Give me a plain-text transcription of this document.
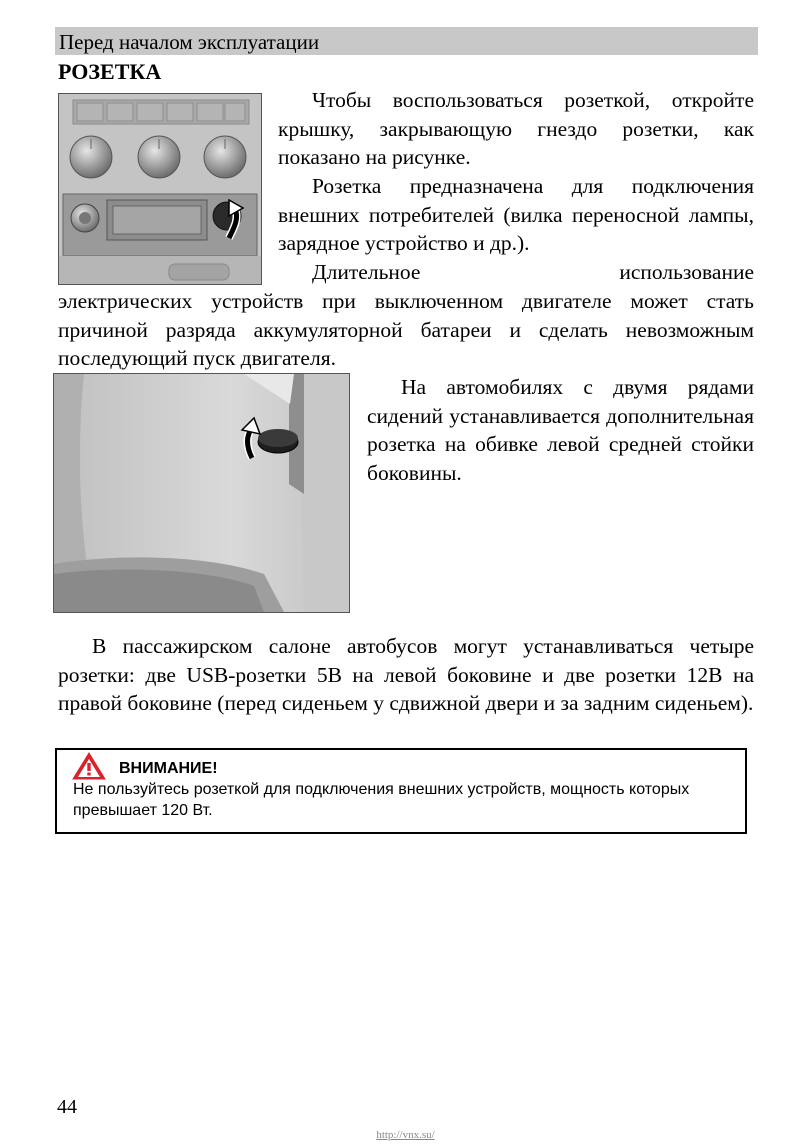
Перед началом эксплуатации
РОЗЕТКА

Чтобы воспользоваться розеткой, откройте крышку, закрывающую гнездо розетки, как показано на рисунке.

Розетка предназначена для подключения внешних потребителей (вилка переносной лампы, зарядное устройство и др.).

Длительное использование

электрических устройств при выключенном двигателе может стать причиной разряда аккумуляторной батареи и сделать невозможным последующий пуск двигателя.

На автомобилях с двумя рядами сидений устанавливается дополнительная розетка на обивке левой средней стойки боковины.

В пассажирском салоне автобусов могут устанавливаться четыре розетки: две USB-розетки 5В на левой боковине и две розетки 12В на правой боковине (перед сиденьем у сдвижной двери и за задним сиденьем).

ВНИМАНИЕ!
Не пользуйтесь розеткой для подключения внешних устройств, мощность которых превышает 120 Вт.
44
http://vnx.su/
